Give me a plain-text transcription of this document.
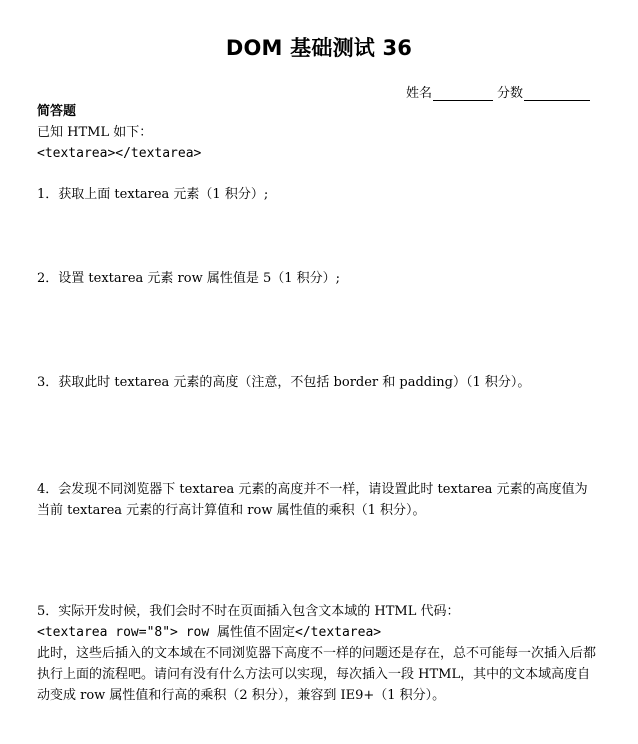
DOM 基础测试 36
姓名	分数
简答题
已知 HTML 如下：
<textarea></textarea>
1．获取上面 textarea 元素（1 积分）;
2．设置 textarea 元素 row 属性值是 5（1 积分）;
3．获取此时 textarea 元素的高度（注意，不包括 border 和 padding）（1 积分）。
4．会发现不同浏览器下 textarea 元素的高度并不一样，请设置此时 textarea 元素的高度值为当前 textarea 元素的行高计算值和 row 属性值的乘积（1 积分）。
5．实际开发时候，我们会时不时在页面插入包含文本域的 HTML 代码：
<textarea row="8"> row 属性值不固定</textarea>
此时，这些后插入的文本域在不同浏览器下高度不一样的问题还是存在，总不可能每一次插入后都执行上面的流程吧。请问有没有什么方法可以实现，每次插入一段 HTML，其中的文本域高度自动变成 row 属性值和行高的乘积（2 积分），兼容到 IE9+（1 积分）。
